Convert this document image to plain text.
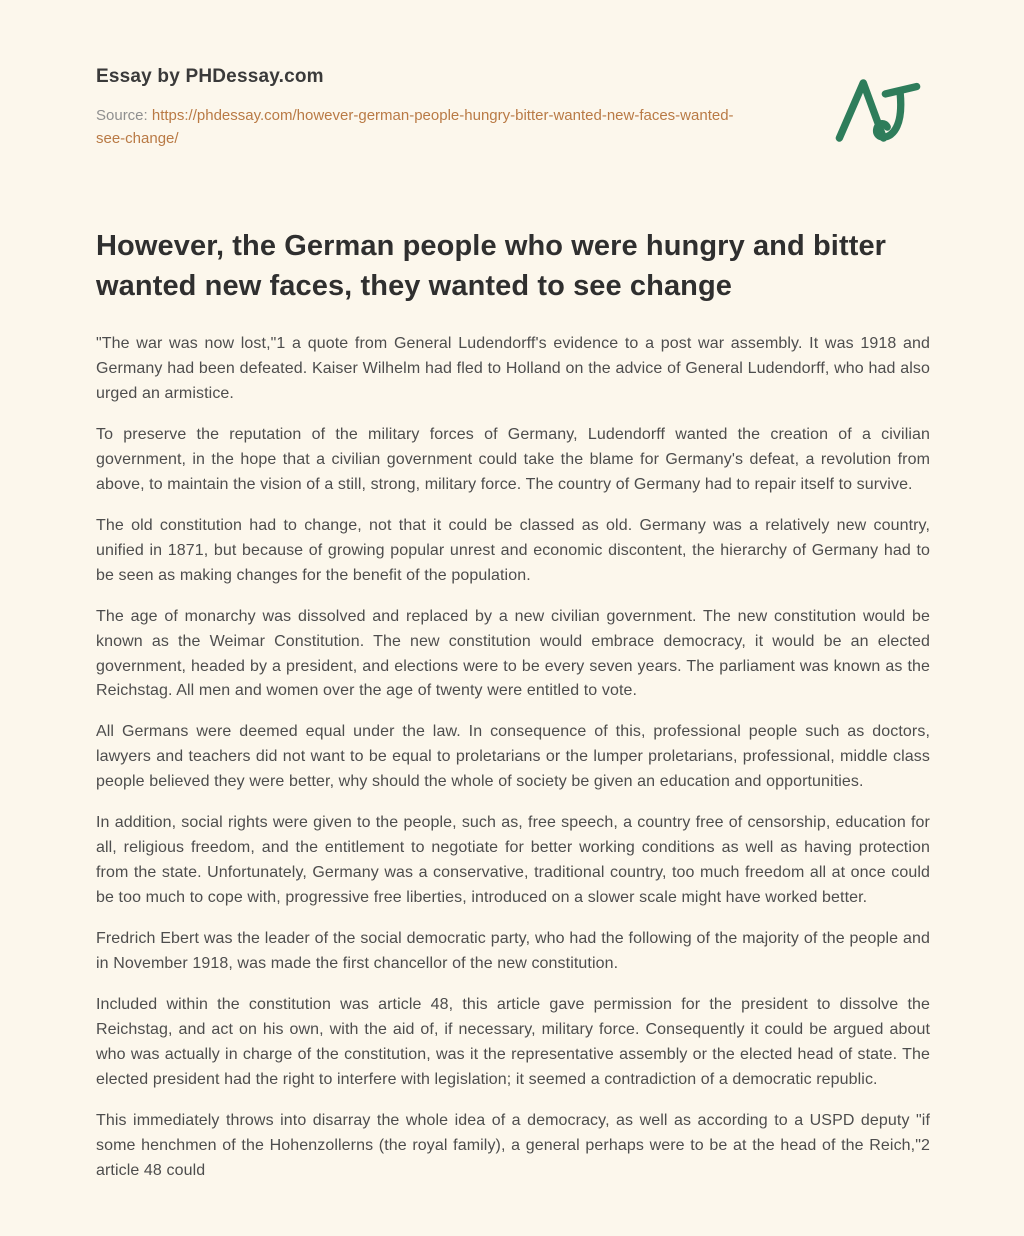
Essay by PHDessay.com
Source: https://phdessay.com/however-german-people-hungry-bitter-wanted-new-faces-wanted-see-change/
However, the German people who were hungry and bitter wanted new faces, they wanted to see change

"The war was now lost,"1 a quote from General Ludendorff's evidence to a post war assembly. It was 1918 and Germany had been defeated. Kaiser Wilhelm had fled to Holland on the advice of General Ludendorff, who had also urged an armistice.

To preserve the reputation of the military forces of Germany, Ludendorff wanted the creation of a civilian government, in the hope that a civilian government could take the blame for Germany's defeat, a revolution from above, to maintain the vision of a still, strong, military force. The country of Germany had to repair itself to survive.

The old constitution had to change, not that it could be classed as old. Germany was a relatively new country, unified in 1871, but because of growing popular unrest and economic discontent, the hierarchy of Germany had to be seen as making changes for the benefit of the population.

The age of monarchy was dissolved and replaced by a new civilian government. The new constitution would be known as the Weimar Constitution. The new constitution would embrace democracy, it would be an elected government, headed by a president, and elections were to be every seven years. The parliament was known as the Reichstag. All men and women over the age of twenty were entitled to vote.

All Germans were deemed equal under the law. In consequence of this, professional people such as doctors, lawyers and teachers did not want to be equal to proletarians or the lumper proletarians, professional, middle class people believed they were better, why should the whole of society be given an education and opportunities.

In addition, social rights were given to the people, such as, free speech, a country free of censorship, education for all, religious freedom, and the entitlement to negotiate for better working conditions as well as having protection from the state. Unfortunately, Germany was a conservative, traditional country, too much freedom all at once could be too much to cope with, progressive free liberties, introduced on a slower scale might have worked better.

Fredrich Ebert was the leader of the social democratic party, who had the following of the majority of the people and in November 1918, was made the first chancellor of the new constitution.

Included within the constitution was article 48, this article gave permission for the president to dissolve the Reichstag, and act on his own, with the aid of, if necessary, military force. Consequently it could be argued about who was actually in charge of the constitution, was it the representative assembly or the elected head of state. The elected president had the right to interfere with legislation; it seemed a contradiction of a democratic republic.

This immediately throws into disarray the whole idea of a democracy, as well as according to a USPD deputy "if some henchmen of the Hohenzollerns (the royal family), a general perhaps were to be at the head of the Reich,"2 article 48 could
